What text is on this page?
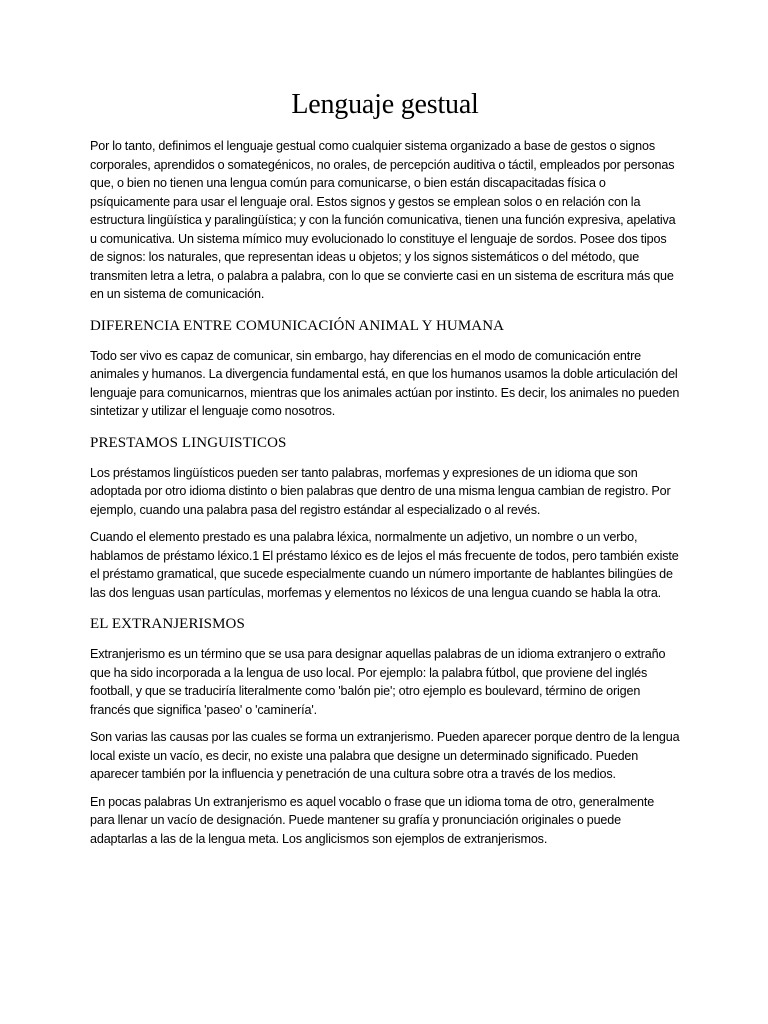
Lenguaje gestual

Por lo tanto, definimos el lenguaje gestual como cualquier sistema organizado a base de gestos o signos corporales, aprendidos o somategénicos, no orales, de percepción auditiva o táctil, empleados por personas que, o bien no tienen una lengua común para comunicarse, o bien están discapacitadas física o psíquicamente para usar el lenguaje oral. Estos signos y gestos se emplean solos o en relación con la estructura lingüística y paralingüística; y con la función comunicativa, tienen una función expresiva, apelativa u comunicativa. Un sistema mímico muy evolucionado lo constituye el lenguaje de sordos. Posee dos tipos de signos: los naturales, que representan ideas u objetos; y los signos sistemáticos o del método, que transmiten letra a letra, o palabra a palabra, con lo que se convierte casi en un sistema de escritura más que en un sistema de comunicación.

DIFERENCIA ENTRE COMUNICACIÓN ANIMAL Y HUMANA

Todo ser vivo es capaz de comunicar, sin embargo, hay diferencias en el modo de comunicación entre animales y humanos. La divergencia fundamental está, en que los humanos usamos la doble articulación del lenguaje para comunicarnos, mientras que los animales actúan por instinto. Es decir, los animales no pueden sintetizar y utilizar el lenguaje como nosotros.

PRESTAMOS LINGUISTICOS

Los préstamos lingüísticos pueden ser tanto palabras, morfemas y expresiones de un idioma que son adoptada por otro idioma distinto o bien palabras que dentro de una misma lengua cambian de registro. Por ejemplo, cuando una palabra pasa del registro estándar al especializado o al revés.

Cuando el elemento prestado es una palabra léxica, normalmente un adjetivo, un nombre o un verbo, hablamos de préstamo léxico.1 El préstamo léxico es de lejos el más frecuente de todos, pero también existe el préstamo gramatical, que sucede especialmente cuando un número importante de hablantes bilingües de las dos lenguas usan partículas, morfemas y elementos no léxicos de una lengua cuando se habla la otra.

EL EXTRANJERISMOS

Extranjerismo es un término que se usa para designar aquellas palabras de un idioma extranjero o extraño que ha sido incorporada a la lengua de uso local. Por ejemplo: la palabra fútbol, que proviene del inglés football, y que se traduciría literalmente como 'balón pie'; otro ejemplo es boulevard, término de origen francés que significa 'paseo' o 'caminería'.

Son varias las causas por las cuales se forma un extranjerismo. Pueden aparecer porque dentro de la lengua local existe un vacío, es decir, no existe una palabra que designe un determinado significado. Pueden aparecer también por la influencia y penetración de una cultura sobre otra a través de los medios.

En pocas palabras Un extranjerismo es aquel vocablo o frase que un idioma toma de otro, generalmente para llenar un vacío de designación. Puede mantener su grafía y pronunciación originales o puede adaptarlas a las de la lengua meta. Los anglicismos son ejemplos de extranjerismos.
